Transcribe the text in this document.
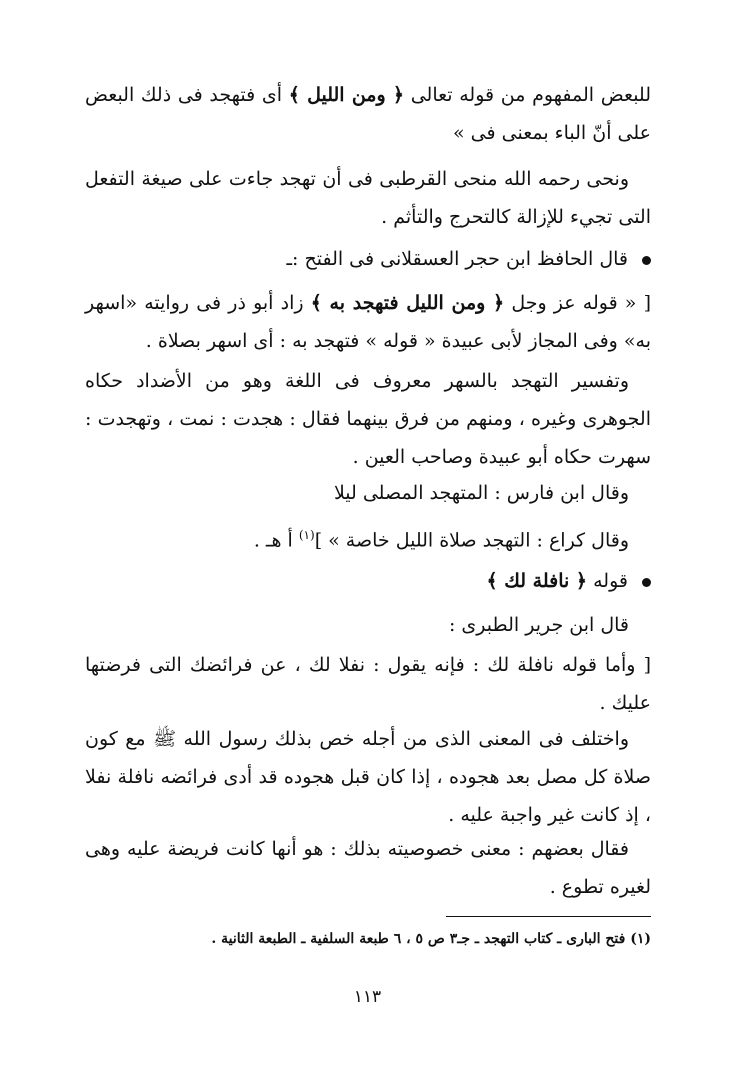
للبعض المفهوم من قوله تعالى ﴿ ومن الليل ﴾ أى فتهجد فى ذلك البعض على أنّ الباء بمعنى فى »

ونحى رحمه الله منحى القرطبى فى أن تهجد جاءت على صيغة التفعل التى تجيء للإزالة كالتحرج والتأثم .

قال الحافظ ابن حجر العسقلانى فى الفتح :ـ

[ « قوله عز وجل ﴿ ومن الليل فتهجد به ﴾ زاد أبو ذر فى روايته «اسهر به» وفى المجاز لأبى عبيدة « قوله » فتهجد به : أى اسهر بصلاة .

وتفسير التهجد بالسهر معروف فى اللغة وهو من الأضداد حكاه الجوهرى وغيره ، ومنهم من فرق بينهما فقال : هجدت : نمت ، وتهجدت : سهرت حكاه أبو عبيدة وصاحب العين .

وقال ابن فارس : المتهجد المصلى ليلا

وقال كراع : التهجد صلاة الليل خاصة » ]$^{(١)}$ أ هـ .

قوله ﴿ نافلة لك ﴾

قال ابن جرير الطبرى :

[ وأما قوله نافلة لك : فإنه يقول : نفلا لك ، عن فرائضك التى فرضتها عليك .

واختلف فى المعنى الذى من أجله خص بذلك رسول الله ﷺ مع كون صلاة كل مصل بعد هجوده ، إذا كان قبل هجوده قد أدى فرائضه نافلة نفلا ، إذ كانت غير واجبة عليه .

فقال بعضهم : معنى خصوصيته بذلك : هو أنها كانت فريضة عليه وهى لغيره تطوع .

(١) فتح البارى ـ كتاب التهجد ـ جـ٣ ص ٥ ، ٦ طبعة السلفية ـ الطبعة الثانية .
١١٣
